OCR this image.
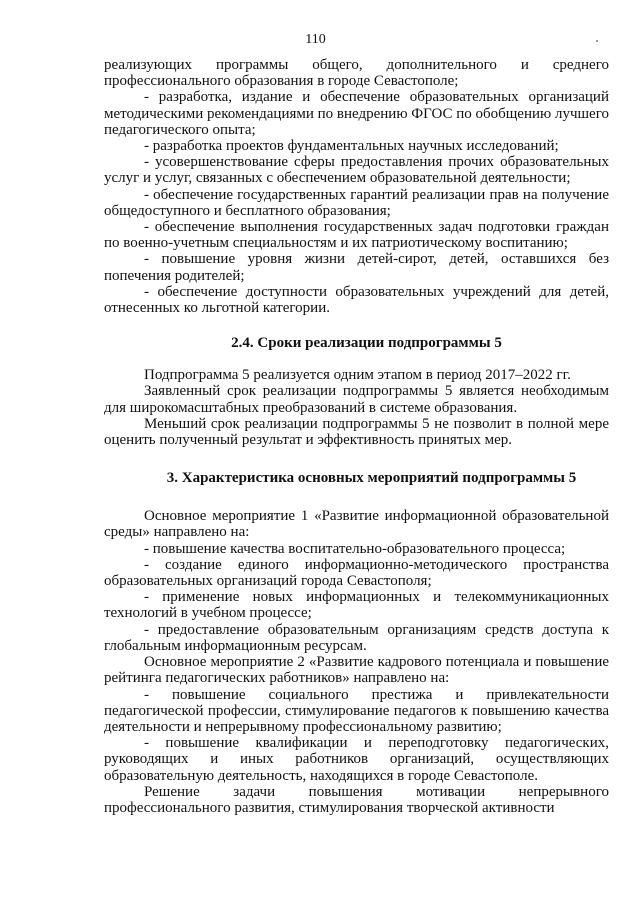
110

реализующих программы общего, дополнительного и среднего профессионального образования в городе Севастополе;

- разработка, издание и обеспечение образовательных организаций методическими рекомендациями по внедрению ФГОС по обобщению лучшего педагогического опыта;

- разработка проектов фундаментальных научных исследований;

- усовершенствование сферы предоставления прочих образовательных услуг и услуг, связанных с обеспечением образовательной деятельности;

- обеспечение государственных гарантий реализации прав на получение общедоступного и бесплатного образования;

- обеспечение выполнения государственных задач подготовки граждан по военно-учетным специальностям и их патриотическому воспитанию;

- повышение уровня жизни детей-сирот, детей, оставшихся без попечения родителей;

- обеспечение доступности образовательных учреждений для детей, отнесенных ко льготной категории.

2.4. Сроки реализации подпрограммы 5

Подпрограмма 5 реализуется одним этапом в период 2017–2022 гг.

Заявленный срок реализации подпрограммы 5 является необходимым для широкомасштабных преобразований в системе образования.

Меньший срок реализации подпрограммы 5 не позволит в полной мере оценить полученный результат и эффективность принятых мер.

3. Характеристика основных мероприятий подпрограммы 5

Основное мероприятие 1 «Развитие информационной образовательной среды» направлено на:

- повышение качества воспитательно-образовательного процесса;

- создание единого информационно-методического пространства образовательных организаций города Севастополя;

- применение новых информационных и телекоммуникационных технологий в учебном процессе;

- предоставление образовательным организациям средств доступа к глобальным информационным ресурсам.

Основное мероприятие 2 «Развитие кадрового потенциала и повышение рейтинга педагогических работников» направлено на:

- повышение социального престижа и привлекательности педагогической профессии, стимулирование педагогов к повышению качества деятельности и непрерывному профессиональному развитию;

- повышение квалификации и переподготовку педагогических, руководящих и иных работников организаций, осуществляющих образовательную деятельность, находящихся в городе Севастополе.

Решение задачи повышения мотивации непрерывного профессионального развития, стимулирования творческой активности
